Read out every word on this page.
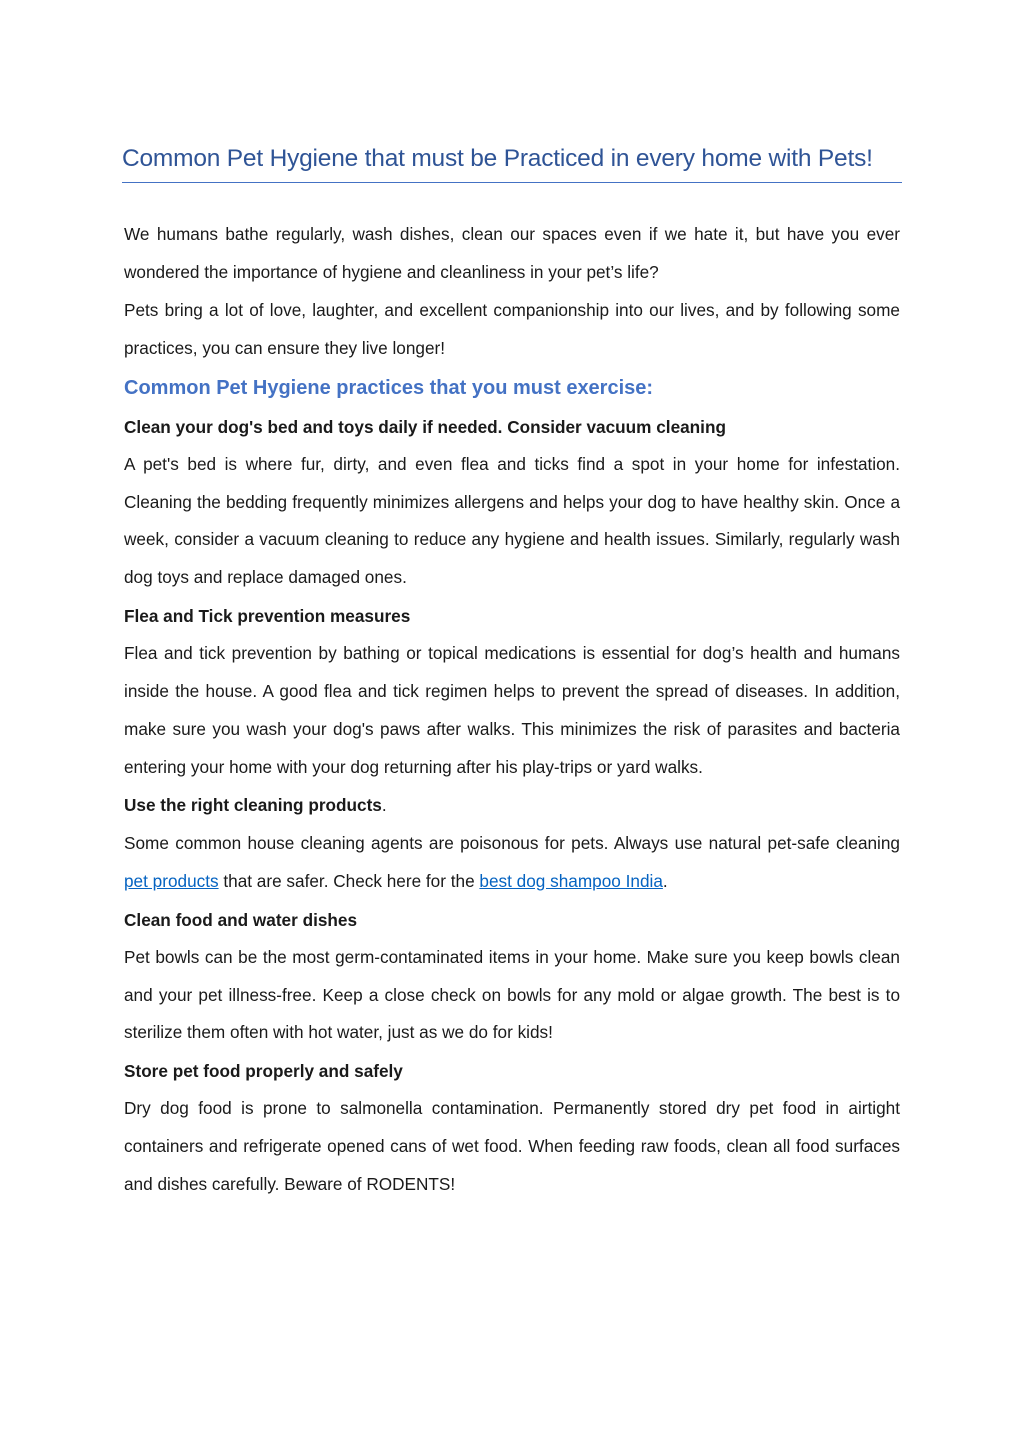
Common Pet Hygiene that must be Practiced in every home with Pets!

We humans bathe regularly, wash dishes, clean our spaces even if we hate it, but have you ever wondered the importance of hygiene and cleanliness in your pet’s life?

Pets bring a lot of love, laughter, and excellent companionship into our lives, and by following some practices, you can ensure they live longer!

Common Pet Hygiene practices that you must exercise:

Clean your dog's bed and toys daily if needed. Consider vacuum cleaning

A pet's bed is where fur, dirty, and even flea and ticks find a spot in your home for infestation. Cleaning the bedding frequently minimizes allergens and helps your dog to have healthy skin. Once a week, consider a vacuum cleaning to reduce any hygiene and health issues. Similarly, regularly wash dog toys and replace damaged ones.

Flea and Tick prevention measures

Flea and tick prevention by bathing or topical medications is essential for dog’s health and humans inside the house. A good flea and tick regimen helps to prevent the spread of diseases. In addition, make sure you wash your dog's paws after walks. This minimizes the risk of parasites and bacteria entering your home with your dog returning after his play-trips or yard walks.

Use the right cleaning products.

Some common house cleaning agents are poisonous for pets. Always use natural pet-safe cleaning pet products that are safer. Check here for the best dog shampoo India.

Clean food and water dishes

Pet bowls can be the most germ-contaminated items in your home. Make sure you keep bowls clean and your pet illness-free. Keep a close check on bowls for any mold or algae growth. The best is to sterilize them often with hot water, just as we do for kids!

Store pet food properly and safely

Dry dog food is prone to salmonella contamination. Permanently stored dry pet food in airtight containers and refrigerate opened cans of wet food. When feeding raw foods, clean all food surfaces and dishes carefully. Beware of RODENTS!
